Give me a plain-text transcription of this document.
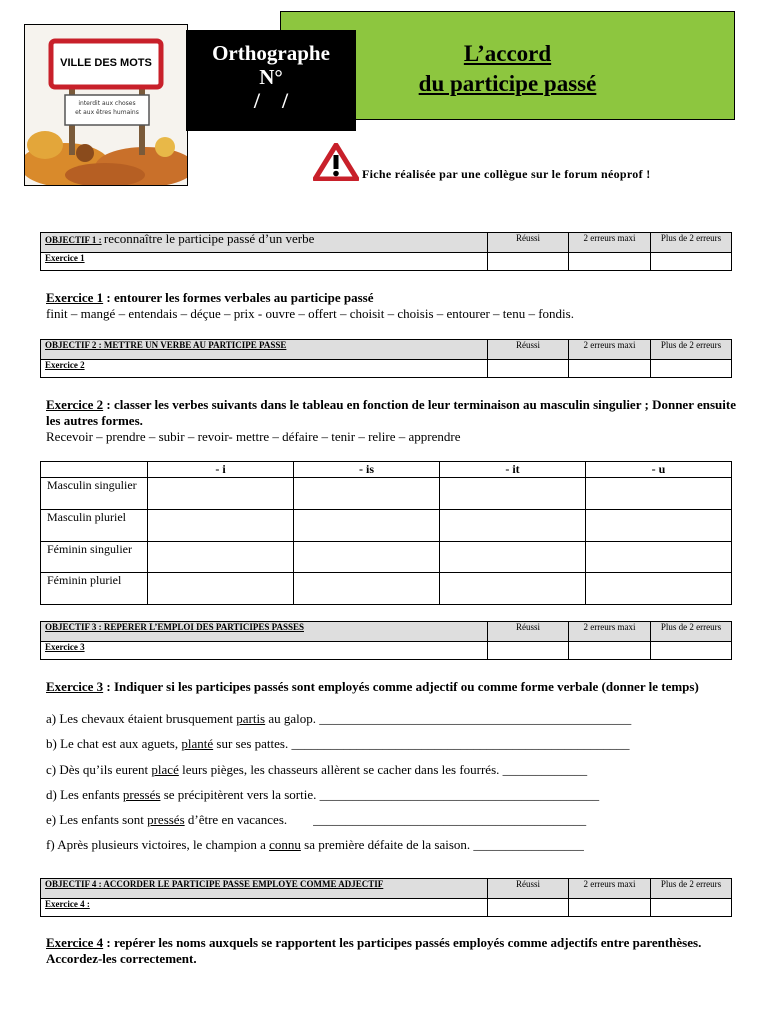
VILLE DES MOTS
interdit aux choses
et aux êtres humains
L’accord
du participe passé
Orthographe
N°
/    /
Fiche réalisée par une collègue sur le forum néoprof !
OBJECTIF 1 : reconnaître le participe passé d’un verbe	Réussi	2 erreurs maxi	Plus de 2 erreurs
Exercice 1			
Exercice 1 : entourer les formes verbales au participe passé
finit – mangé – entendais – déçue – prix - ouvre – offert – choisit – choisis – entourer – tenu – fondis.
OBJECTIF 2 : METTRE UN VERBE AU PARTICIPE PASSE	Réussi	2 erreurs maxi	Plus de 2 erreurs
Exercice 2			
Exercice 2 : classer les verbes suivants dans le tableau en fonction de leur terminaison au masculin singulier ; Donner ensuite les autres formes.
Recevoir – prendre – subir – revoir- mettre – défaire – tenir – relire – apprendre
	- i	- is	- it	- u
Masculin singulier				
Masculin pluriel				
Féminin singulier				
Féminin pluriel				
OBJECTIF 3 : REPERER L’EMPLOI DES PARTICIPES PASSES	Réussi	2 erreurs maxi	Plus de 2 erreurs
Exercice 3			
Exercice 3 : Indiquer si les participes passés sont employés comme adjectif ou comme forme verbale (donner le temps)
a) Les chevaux étaient brusquement partis au galop. ________________________________________________
b) Le chat est aux aguets, planté sur ses pattes. ____________________________________________________
c) Dès qu’ils eurent placé leurs pièges, les chasseurs allèrent se cacher dans les fourrés. _____________
d) Les enfants pressés se précipitèrent vers la sortie. ___________________________________________
e) Les enfants sont pressés d’être en vacances.        __________________________________________
f) Après plusieurs victoires, le champion a connu sa première défaite de la saison. _________________
OBJECTIF 4 : ACCORDER LE PARTICIPE PASSE EMPLOYE COMME ADJECTIF	Réussi	2 erreurs maxi	Plus de 2 erreurs
Exercice 4 :			
Exercice 4 : repérer les noms auxquels se rapportent les participes passés employés comme adjectifs entre parenthèses. Accordez-les correctement.
